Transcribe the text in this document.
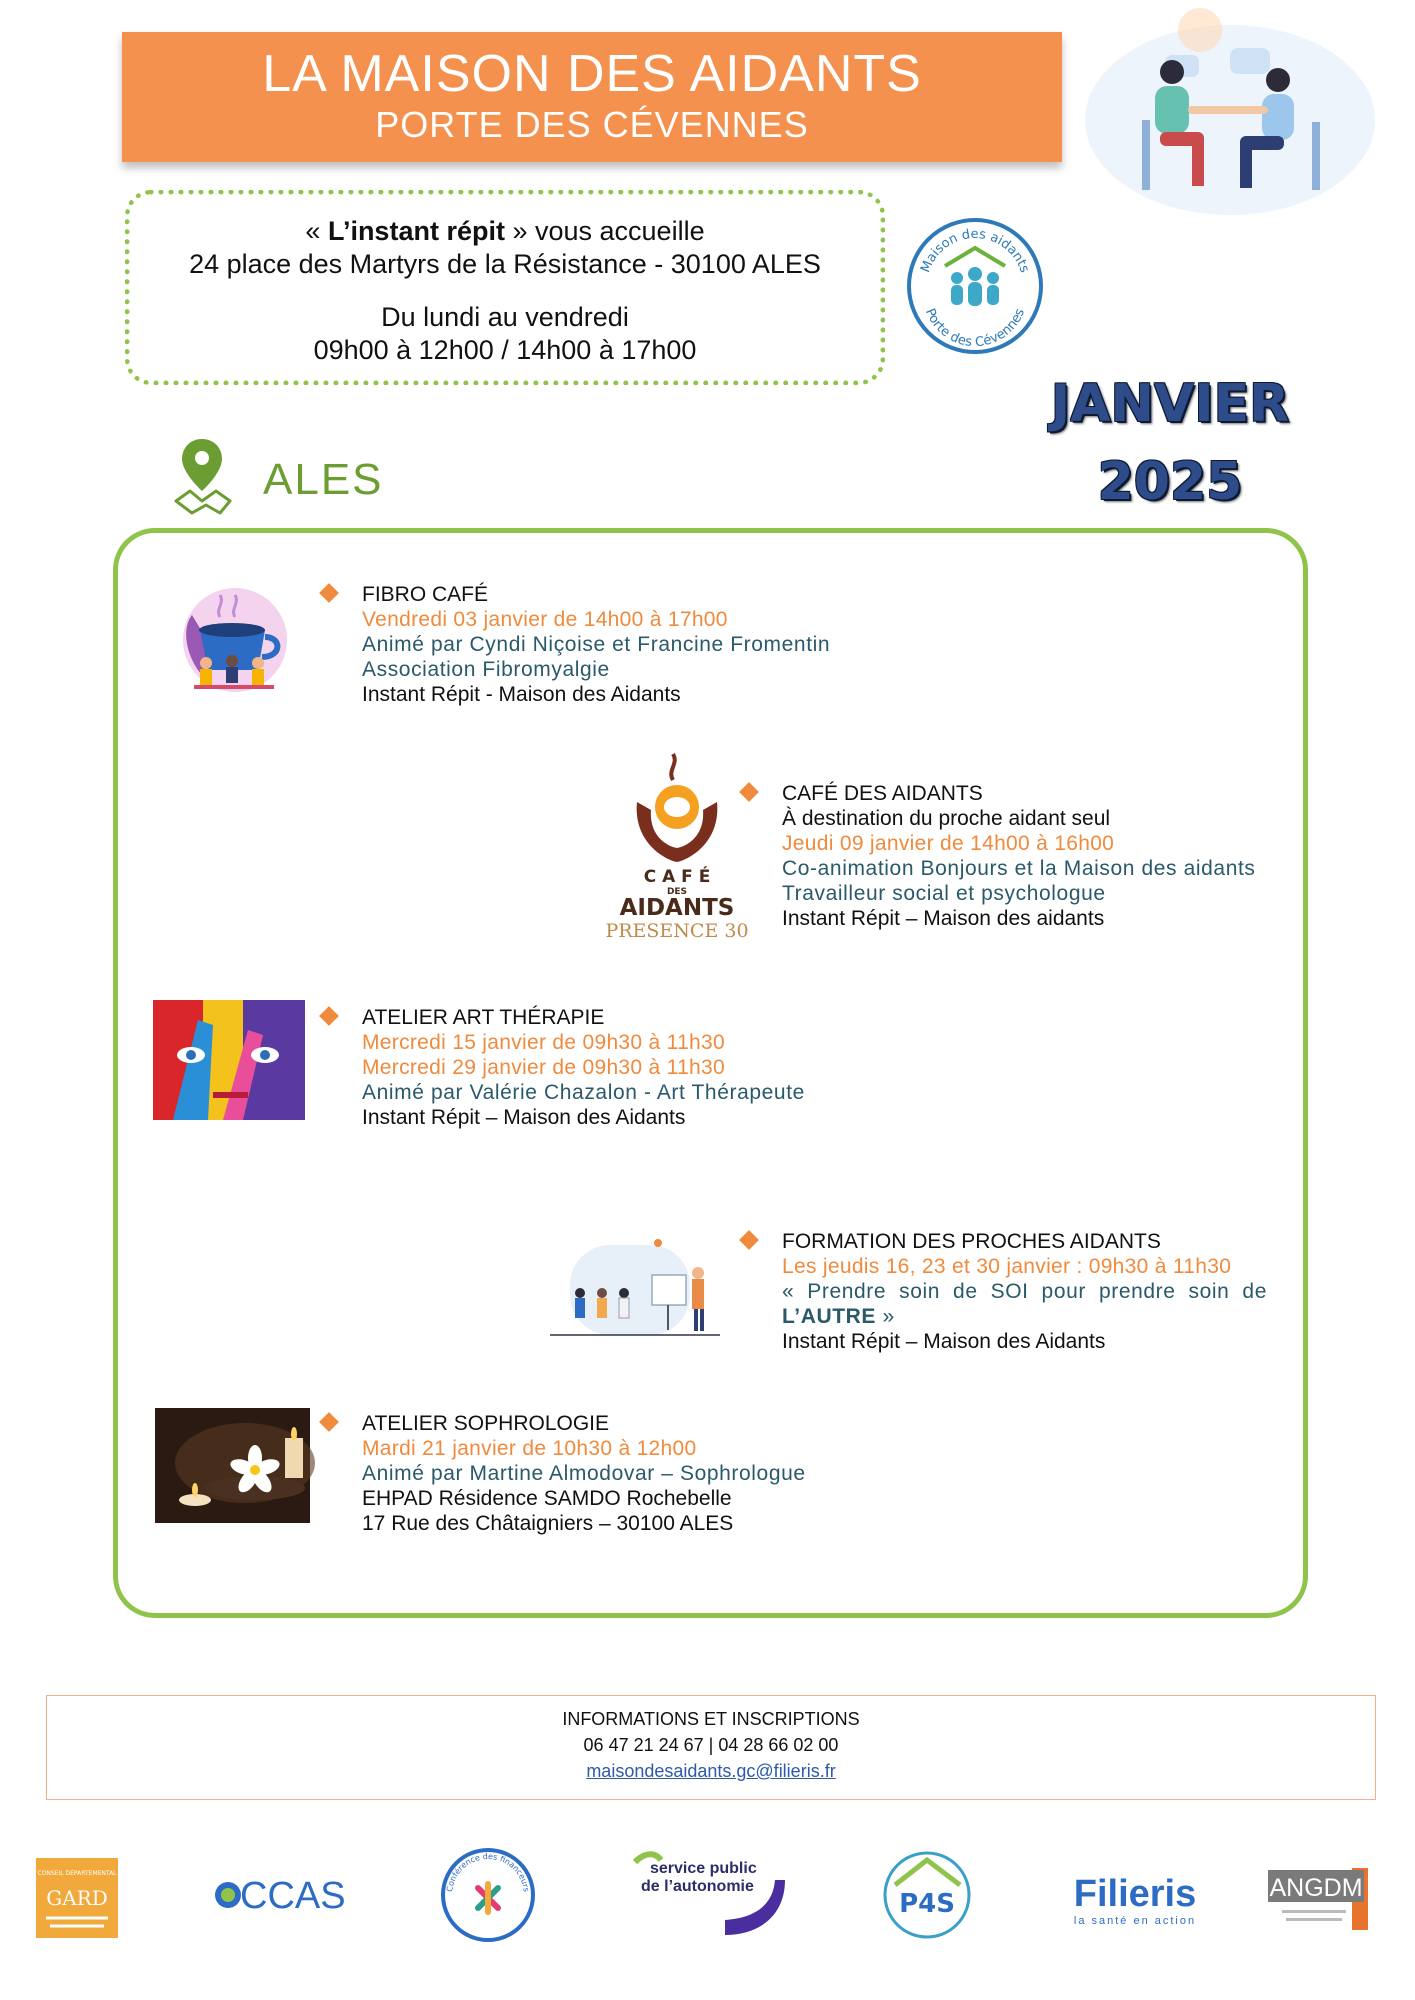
LA MAISON DES AIDANTS
PORTE DES CÉVENNES
« L’instant répit » vous accueille
24 place des Martyrs de la Résistance - 30100 ALES
Du lundi au vendredi
09h00 à 12h00 / 14h00 à 17h00
Maison des aidants
Porte des Cévennes
JANVIER
2025
ALES
FIBRO CAFÉ
Vendredi 03 janvier de 14h00 à 17h00
Animé par Cyndi Niçoise et Francine Fromentin
Association Fibromyalgie
Instant Répit - Maison des Aidants
C A F É
DES
AIDANTS
PRESENCE 30
CAFÉ DES AIDANTS
À destination du proche aidant seul
Jeudi 09 janvier de 14h00 à 16h00
Co-animation Bonjours et la Maison des aidants
Travailleur social et psychologue
Instant Répit – Maison des aidants
ATELIER ART THÉRAPIE
Mercredi 15 janvier de 09h30 à 11h30
Mercredi 29 janvier de 09h30 à 11h30
Animé par Valérie Chazalon - Art Thérapeute
Instant Répit – Maison des Aidants
FORMATION DES PROCHES AIDANTS
Les jeudis 16, 23 et 30 janvier : 09h30 à 11h30
« Prendre soin de SOI pour prendre soin de
L’AUTRE »
Instant Répit – Maison des Aidants
ATELIER SOPHROLOGIE
Mardi 21 janvier de 10h30 à 12h00
Animé par Martine Almodovar – Sophrologue
EHPAD Résidence SAMDO Rochebelle
17 Rue des Châtaigniers – 30100 ALES
INFORMATIONS ET INSCRIPTIONS
06 47 21 24 67 | 04 28 66 02 00
maisondesaidants.gc@filieris.fr
CONSEIL DÉPARTEMENTAL
GARD	CCAS	Conférence des financeurs
service public
de l’autonomie
P4S	Filieris
la santé en action
ANGDM
